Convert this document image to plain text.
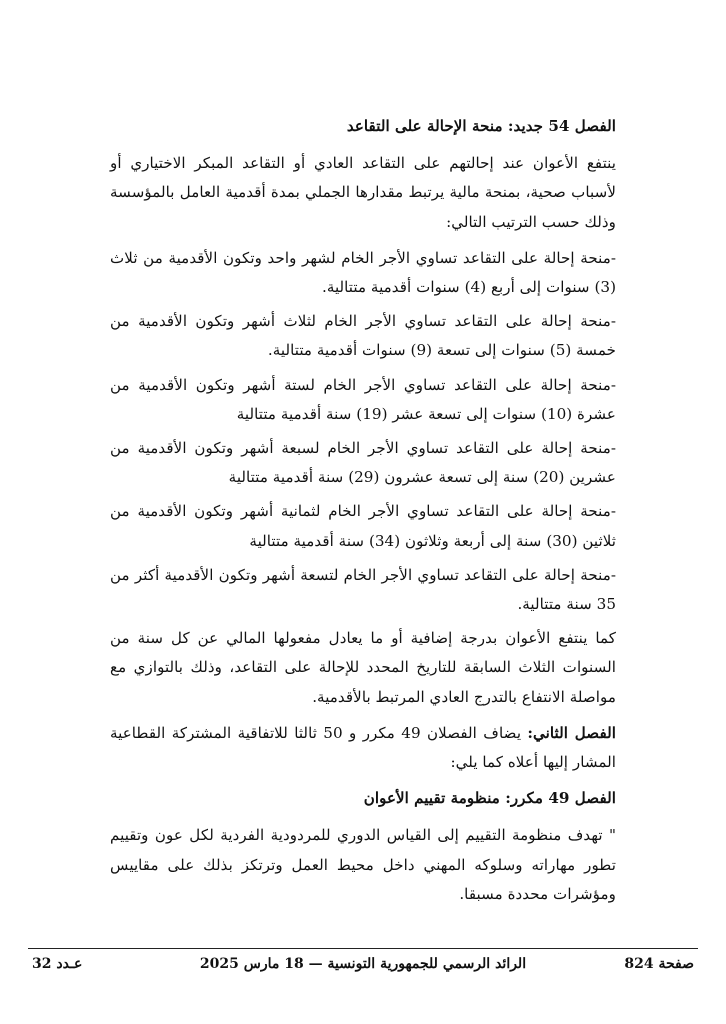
الفصل 54 جديد: منحة الإحالة على التقاعد

ينتفع الأعوان عند إحالتهم على التقاعد العادي أو التقاعد المبكر الاختياري أو لأسباب صحية، بمنحة مالية يرتبط مقدارها الجملي بمدة أقدمية العامل بالمؤسسة وذلك حسب الترتيب التالي:

-منحة إحالة على التقاعد تساوي الأجر الخام لشهر واحد وتكون الأقدمية من ثلاث (3) سنوات إلى أربع (4) سنوات أقدمية متتالية.

-منحة إحالة على التقاعد تساوي الأجر الخام لثلاث أشهر وتكون الأقدمية من خمسة (5) سنوات إلى تسعة (9) سنوات أقدمية متتالية.

-منحة إحالة على التقاعد تساوي الأجر الخام لستة أشهر وتكون الأقدمية من عشرة (10) سنوات إلى تسعة عشر (19) سنة أقدمية متتالية

-منحة إحالة على التقاعد تساوي الأجر الخام لسبعة أشهر وتكون الأقدمية من عشرين (20) سنة إلى تسعة عشرون (29) سنة أقدمية متتالية

-منحة إحالة على التقاعد تساوي الأجر الخام لثمانية أشهر وتكون الأقدمية من ثلاثين (30) سنة إلى أربعة وثلاثون (34) سنة أقدمية متتالية

-منحة إحالة على التقاعد تساوي الأجر الخام لتسعة أشهر وتكون الأقدمية أكثر من 35 سنة متتالية.

كما ينتفع الأعوان بدرجة إضافية أو ما يعادل مفعولها المالي عن كل سنة من السنوات الثلاث السابقة للتاريخ المحدد للإحالة على التقاعد، وذلك بالتوازي مع مواصلة الانتفاع بالتدرج العادي المرتبط بالأقدمية.

الفصل الثاني: يضاف الفصلان 49 مكرر و 50 ثالثا للاتفاقية المشتركة القطاعية المشار إليها أعلاه كما يلي:

الفصل 49 مكرر: منظومة تقييم الأعوان

" تهدف منظومة التقييم إلى القياس الدوري للمردودية الفردية لكل عون وتقييم تطور مهاراته وسلوكه المهني داخل محيط العمل وترتكز بذلك على مقاييس ومؤشرات محددة مسبقا.

صفحة 824
الرائد الرسمي للجمهورية التونسية — 18 مارس 2025
عـدد 32
